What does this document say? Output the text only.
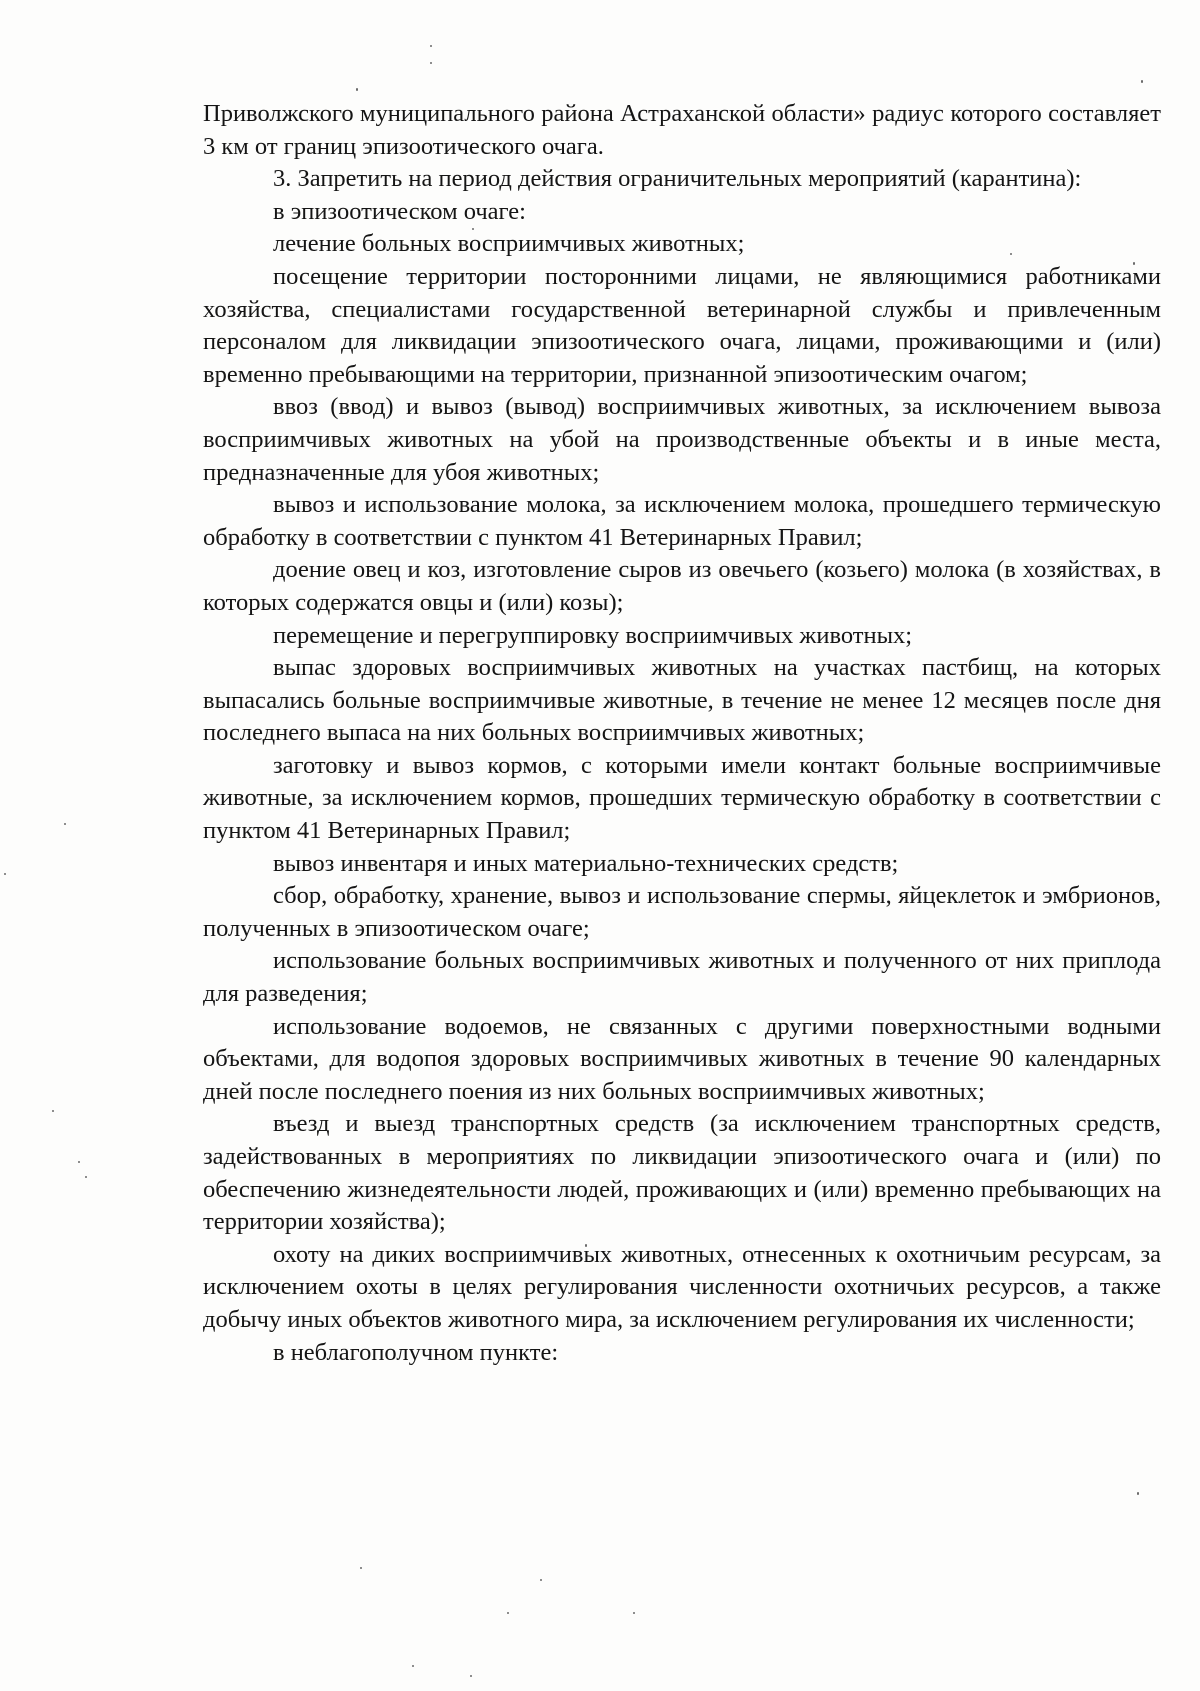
Приволжского муниципального района Астраханской области» радиус которого составляет 3 км от границ эпизоотического очага.

3. Запретить на период действия ограничительных мероприятий (карантина):

в эпизоотическом очаге:

лечение больных восприимчивых животных;

посещение территории посторонними лицами, не являющимися работниками хозяйства, специалистами государственной ветеринарной службы и привлеченным персоналом для ликвидации эпизоотического очага, лицами, проживающими и (или) временно пребывающими на территории, признанной эпизоотическим очагом;

ввоз (ввод) и вывоз (вывод) восприимчивых животных, за исключением вывоза восприимчивых животных на убой на производственные объекты и в иные места, предназначенные для убоя животных;

вывоз и использование молока, за исключением молока, прошедшего термическую обработку в соответствии с пунктом 41 Ветеринарных Правил;

доение овец и коз, изготовление сыров из овечьего (козьего) молока (в хозяйствах, в которых содержатся овцы и (или) козы);

перемещение и перегруппировку восприимчивых животных;

выпас здоровых восприимчивых животных на участках пастбищ, на которых выпасались больные восприимчивые животные, в течение не менее 12 месяцев после дня последнего выпаса на них больных восприимчивых животных;

заготовку и вывоз кормов, с которыми имели контакт больные восприимчивые животные, за исключением кормов, прошедших термическую обработку в соответствии с пунктом 41 Ветеринарных Правил;

вывоз инвентаря и иных материально-технических средств;

сбор, обработку, хранение, вывоз и использование спермы, яйцеклеток и эмбрионов, полученных в эпизоотическом очаге;

использование больных восприимчивых животных и полученного от них приплода для разведения;

использование водоемов, не связанных с другими поверхностными водными объектами, для водопоя здоровых восприимчивых животных в течение 90 календарных дней после последнего поения из них больных восприимчивых животных;

въезд и выезд транспортных средств (за исключением транспортных средств, задействованных в мероприятиях по ликвидации эпизоотического очага и (или) по обеспечению жизнедеятельности людей, проживающих и (или) временно пребывающих на территории хозяйства);

охоту на диких восприимчивых животных, отнесенных к охотничьим ресурсам, за исключением охоты в целях регулирования численности охотничьих ресурсов, а также добычу иных объектов животного мира, за исключением регулирования их численности;

в неблагополучном пункте:
